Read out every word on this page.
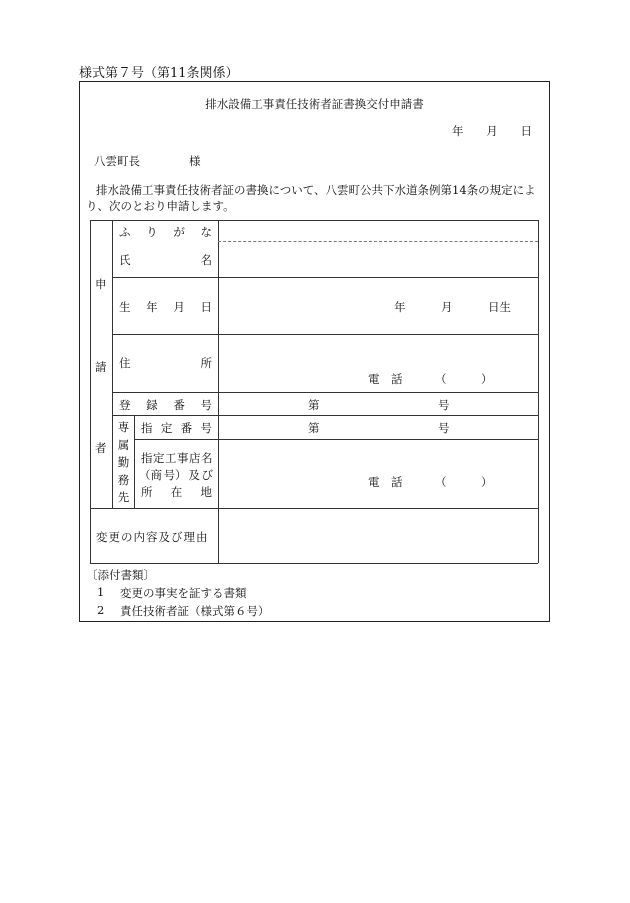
様式第７号（第11条関係）
排水設備工事責任技術者証書換交付申請書
年 月 日
八雲町長	様
排水設備工事責任技術者証の書換について、八雲町公共下水道条例第14条の規定によ
り、次のとおり申請します。
申
請
者
ふ り が な
氏	名
生 年 月 日	年	月	日生
住	所
電　話	（　　　）
登 録 番 号	第	号
専
属
勤
務
先
指 定 番 号	第	号
指定工事店名
（商 号） 及 び
所 在 地
電　話	（　　　）
変更の内容及び理由
〔添付書類〕
1 変更の事実を証する書類
2 責任技術者証（様式第６号）
